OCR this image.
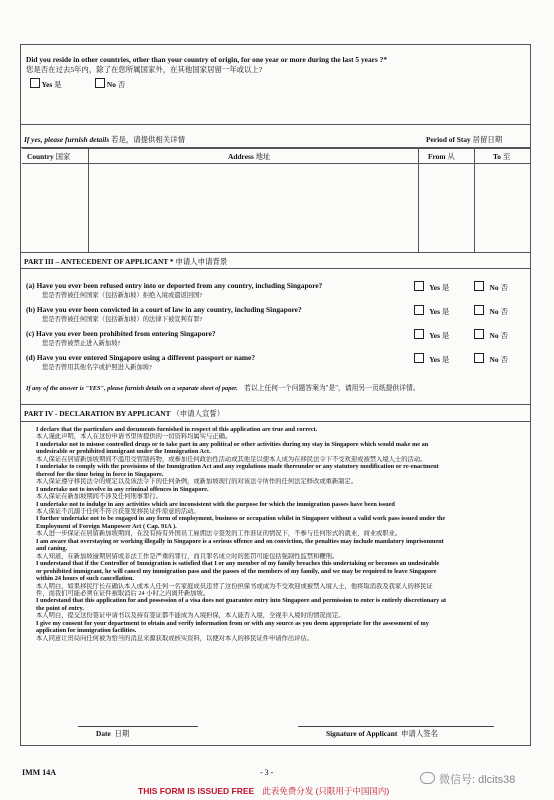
Did you reside in other countries, other than your country of origin, for one year or more during the last 5 years ?*
您是否在过去5年内，除了在您所属国家外，在其他国家居留一年或以上?
Yes 是	No 否
If yes, please furnish details 若是，请提供相关详情	Period of Stay 居留日期
Country 国家	Address 地址	From 从	To 至
PART III – ANTECEDENT OF APPLICANT * 申请人申请背景
(a) Have you ever been refused entry into or deported from any country, including Singapore?
您是否曾被任何国家（包括新加坡）拒绝入境或遣返回国?
Yes 是	No 否
(b) Have you ever been convicted in a court of law in any country, including Singapore?
您是否曾被任何国家（包括新加坡）的法律下被宣判有罪?
Yes 是	No 否
(c) Have you ever been prohibited from entering Singapore?
您是否曾被禁止进入新加坡?
Yes 是	No 否
(d) Have you ever entered Singapore using a different passport or name?
您是否曾用其他名字或护照进入新加坡?
Yes 是	No 否
If any of the answer is "YES", please furnish details on a separate sheet of paper. 若以上任何一个问题答案为"是"，请用另一页纸提供详情。
PART IV - DECLARATION BY APPLICANT （申请人宣誓）

I declare that the particulars and documents furnished in respect of this application are true and correct.

本人谨此声明，本人在这份申请书里所提供的一切资料均属实与正确。

I undertake not to misuse controlled drugs or to take part in any political or other activities during my stay in Singapore which would make me an

undesirable or prohibited immigrant under the Immigration Act.

本人保证在居留新加坡期间不滥用受管制药物，或参加任何政治性活动或其他足以使本人成为在移民法令下不受欢迎或被禁入境人士的活动。

I undertake to comply with the provisions of the Immigration Act and any regulations made thereunder or any statutory modification or re-enactment

thereof for the time being in force in Singapore.

本人保证遵守移民法令的规定以及该法令下的任何条例，或新加坡现行的对该法令所作的任何法定修改或重新制定。

I undertake not to involve in any criminal offences in Singapore.

本人保证在新加坡期间不涉及任何刑事罪行。

I undertake not to indulge in any activities which are inconsistent with the purpose for which the immigration passes have been issued

本人保证不沉溺于任何不符合获签发移民证件原意的活动。

I further undertake not to be engaged in any form of employment, business or occupation whilst in Singapore without a valid work pass issued under the

Employment of Foreign Manpower Act ( Cap. 91A ).

本人进一步保证在居留新加坡期间，在没有持有外国员工雇佣法令签发的工作准证的情况下，不参与任何形式的就业、商业或职业。

I am aware that overstaying or working illegally in Singapore is a serious offence and on conviction, the penalties may include mandatory imprisonment

and caning.

本人知道，在新加坡逾期居留或非法工作是严重的罪行，而且罪名成立时的惩罚可能包括强制性监禁和鞭刑。

I understand that if the Controller of Immigration is satisfied that I or any member of my family breaches this undertaking or becomes an undesirable

or prohibited immigrant, he will cancel my immigration pass and the passes of the members of my family, and we may be required to leave Singapore

within 24 hours of such cancellation.

本人明白，如果移民厅长在确认本人或本人任何一名家庭成员违背了这份担保书或成为不受欢迎或被禁入境人士，他将取消我及我家人的移民证

件，而我们可能必须在证件被取消后 24 小时之内离开新加坡。

I understand that this application for and possession of a visa does not guarantee entry into Singapore and permission to enter is entirely discretionary at

the point of entry.

本人明白，提交这份签证申请书以及持有签证都不能成为入境担保，本人能否入境，全视乎入境时的情况而定。

I give my consent for your department to obtain and verify information from or with any source as you deem appropriate for the assessment of my

application for immigration facilities.

本人同意让贵局向任何被为恰当的消息来源获取或核实资料，以便对本人的移民证件申请作出评估。

Date 日期	Signature of Applicant 申请人签名
IMM 14A	- 3 -
THIS FORM IS ISSUED FREE 此表免费分发 (只限用于中国国内)
微信号: dlcits38
